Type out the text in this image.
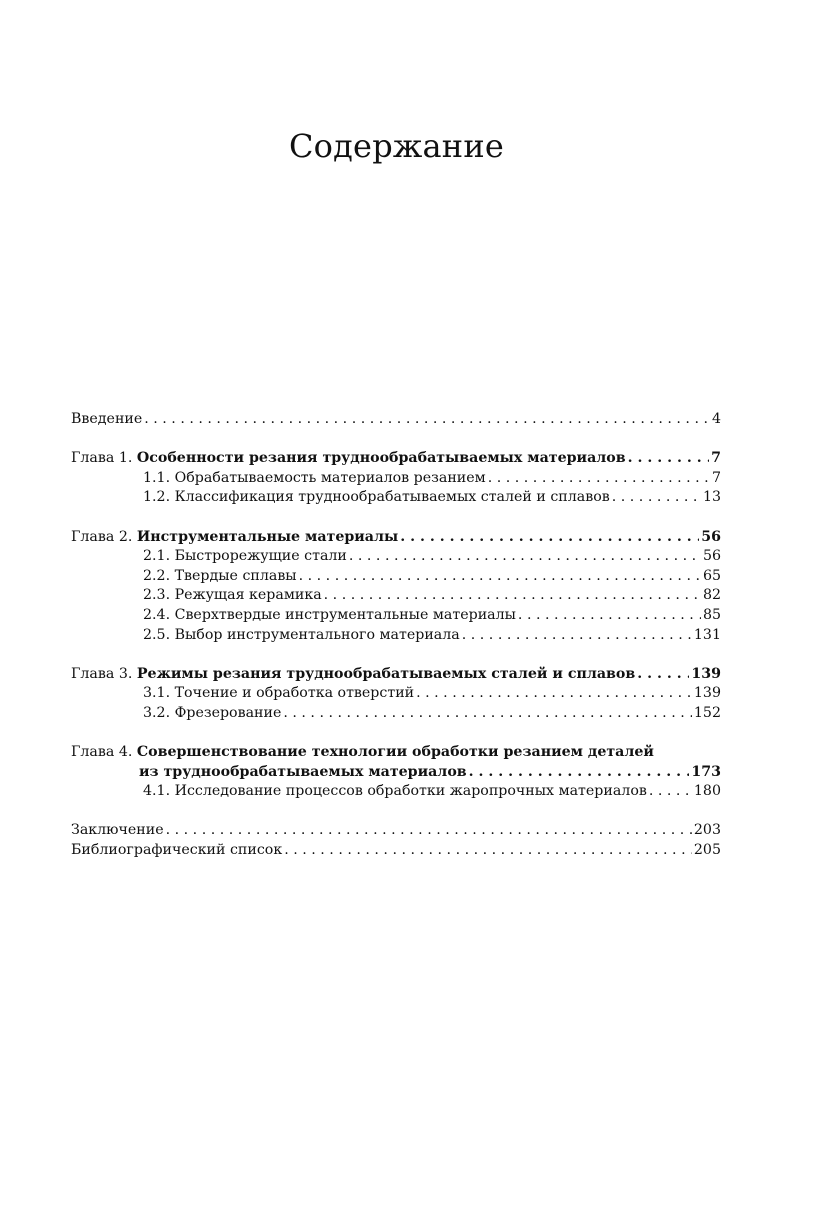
Содержание
Введение . . .	4
Глава 1.
Особенности резания труднообрабатываемых материалов . . .	7
1.1. Обрабатываемость материалов резанием . . .	7
1.2. Классификация труднообрабатываемых сталей и сплавов . . .	13
Глава 2.
Инструментальные материалы . . .	56
2.1. Быстрорежущие стали . . .	56
2.2. Твердые сплавы . . .	65
2.3. Режущая керамика . . .	82
2.4. Сверхтвердые инструментальные материалы . . .	85
2.5. Выбор инструментального материала . . .	131
Глава 3.
Режимы резания труднообрабатываемых сталей и сплавов . . .	139
3.1. Точение и обработка отверстий . . .	139
3.2. Фрезерование . . .	152
Глава 4.
Совершенствование технологии обработки резанием деталей
из труднообрабатываемых материалов . . .	173
4.1. Исследование процессов обработки жаропрочных материалов . . .	180
Заключение . . .	203
Библиографический список . . .	205
